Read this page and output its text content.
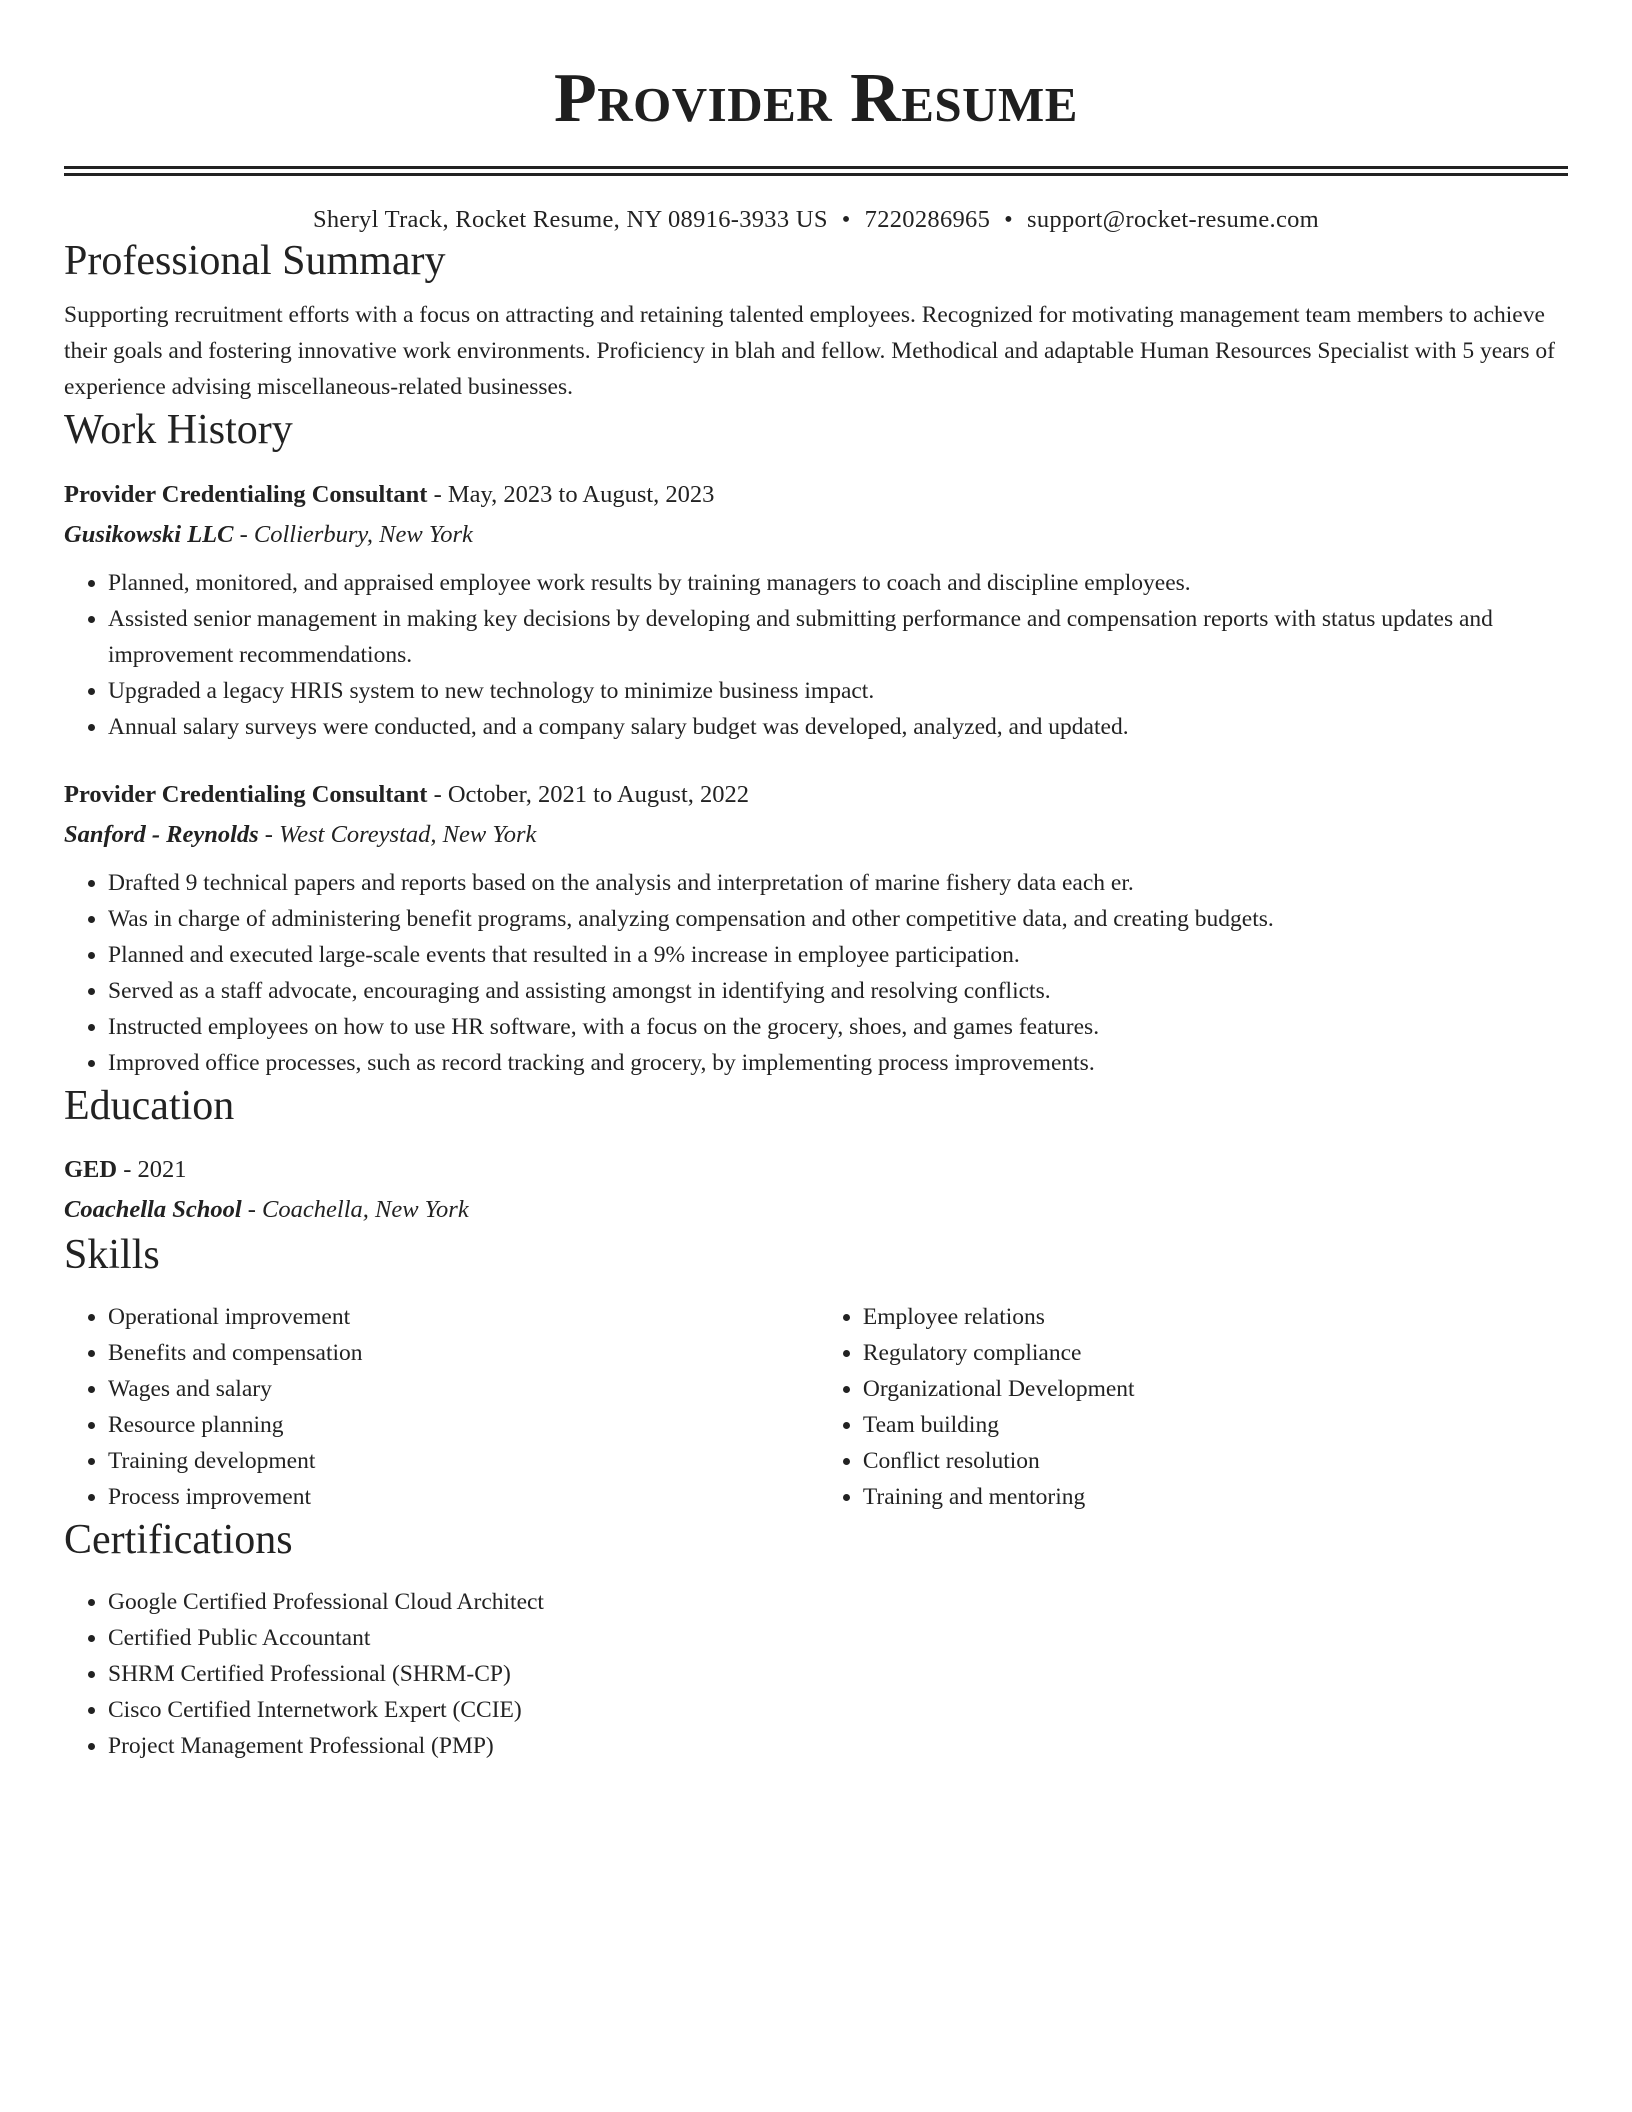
Provider Resume
Sheryl Track, Rocket Resume, NY 08916-3933 US • 7220286965 • support@rocket-resume.com
Professional Summary

Supporting recruitment efforts with a focus on attracting and retaining talented employees. Recognized for motivating management team members to achieve their goals and fostering innovative work environments. Proficiency in blah and fellow. Methodical and adaptable Human Resources Specialist with 5 years of experience advising miscellaneous-related businesses.

Work History
Provider Credentialing Consultant - May, 2023 to August, 2023
Gusikowski LLC - Collierbury, New York
• Planned, monitored, and appraised employee work results by training managers to coach and discipline employees.
• Assisted senior management in making key decisions by developing and submitting performance and compensation reports with status updates and improvement recommendations.
• Upgraded a legacy HRIS system to new technology to minimize business impact.
• Annual salary surveys were conducted, and a company salary budget was developed, analyzed, and updated.
Provider Credentialing Consultant - October, 2021 to August, 2022
Sanford - Reynolds - West Coreystad, New York
• Drafted 9 technical papers and reports based on the analysis and interpretation of marine fishery data each er.
• Was in charge of administering benefit programs, analyzing compensation and other competitive data, and creating budgets.
• Planned and executed large-scale events that resulted in a 9% increase in employee participation.
• Served as a staff advocate, encouraging and assisting amongst in identifying and resolving conflicts.
• Instructed employees on how to use HR software, with a focus on the grocery, shoes, and games features.
• Improved office processes, such as record tracking and grocery, by implementing process improvements.
Education
GED - 2021
Coachella School - Coachella, New York
Skills
• Operational improvement
• Benefits and compensation
• Wages and salary
• Resource planning
• Training development
• Process improvement
• Employee relations
• Regulatory compliance
• Organizational Development
• Team building
• Conflict resolution
• Training and mentoring
Certifications
• Google Certified Professional Cloud Architect
• Certified Public Accountant
• SHRM Certified Professional (SHRM-CP)
• Cisco Certified Internetwork Expert (CCIE)
• Project Management Professional (PMP)
